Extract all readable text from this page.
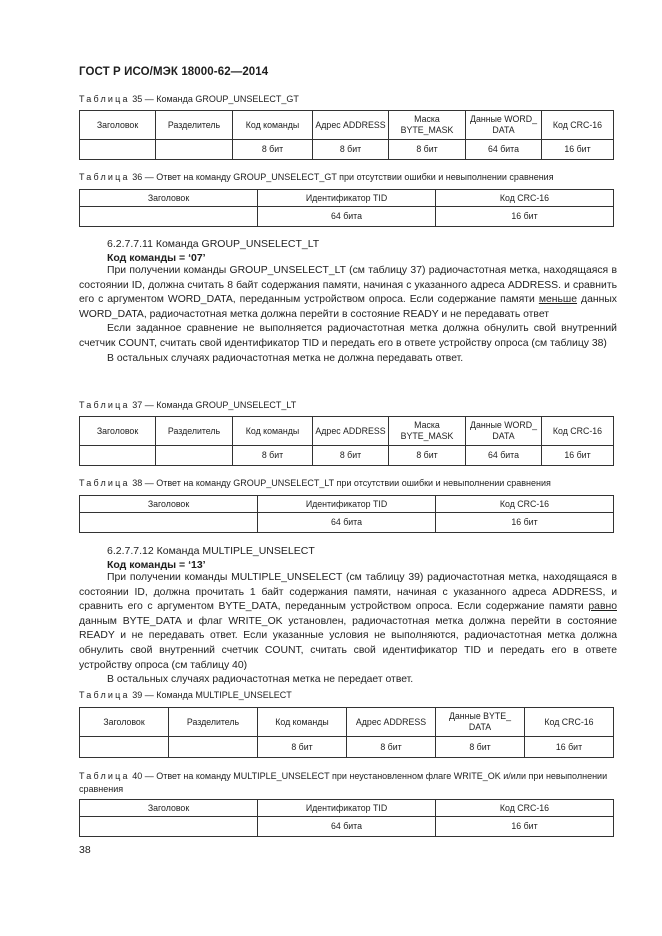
ГОСТ Р ИСО/МЭК 18000-62—2014
Таблица 35 — Команда GROUP_UNSELECT_GT
Заголовок	Разделитель	Код команды	Адрес ADDRESS	Маска BYTE_MASK	Данные WORD_ DATA	Код CRC-16
		8 бит	8 бит	8 бит	64 бита	16 бит
Таблица 36 — Ответ на команду GROUP_UNSELECT_GT при отсутствии ошибки и невыполнении сравнения
Заголовок	Идентификатор TID	Код CRC-16
	64 бита	16 бит
6.2.7.7.11 Команда GROUP_UNSELECT_LT
Код команды = ‘07’

При получении команды GROUP_UNSELECT_LT (см таблицу 37) радиочастотная метка, находящаяся в состоянии ID, должна считать 8 байт содержания памяти, начиная с указанного адреса ADDRESS. и сравнить его с аргументом WORD_DATA, переданным устройством опроса. Если содержание памяти меньше данных WORD_DATA, радиочастотная метка должна перейти в состояние READY и не передавать ответ

Если заданное сравнение не выполняется радиочастотная метка должна обнулить свой внутренний счетчик COUNT, считать свой идентификатор TID и передать его в ответе устройству опроса (см таблицу 38)

В остальных случаях радиочастотная метка не должна передавать ответ.

Таблица 37 — Команда GROUP_UNSELECT_LT
Заголовок	Разделитель	Код команды	Адрес ADDRESS	Маска BYTE_MASK	Данные WORD_ DATA	Код CRC-16
		8 бит	8 бит	8 бит	64 бита	16 бит
Таблица 38 — Ответ на команду GROUP_UNSELECT_LT при отсутствии ошибки и невыполнении сравнения
Заголовок	Идентификатор TID	Код CRC-16
	64 бита	16 бит
6.2.7.7.12 Команда MULTIPLE_UNSELECT
Код команды = ‘13’

При получении команды MULTIPLE_UNSELECT (см таблицу 39) радиочастотная метка, находящаяся в состоянии ID, должна прочитать 1 байт содержания памяти, начиная с указанного адреса ADDRESS, и сравнить его с аргументом BYTE_DATA, переданным устройством опроса. Если содержание памяти равно данным BYTE_DATA и флаг WRITE_OK установлен, радиочастотная метка должна перейти в состояние READY и не передавать ответ. Если указанные условия не выполняются, радиочастотная метка должна обнулить свой внутренний счетчик COUNT, считать свой идентификатор TID и передать его в ответе устройству опроса (см таблицу 40)

В остальных случаях радиочастотная метка не передает ответ.

Таблица 39 — Команда MULTIPLE_UNSELECT
Заголовок	Разделитель	Код команды	Адрес ADDRESS	Данные BYTE_ DATA	Код CRC-16
		8 бит	8 бит	8 бит	16 бит
Таблица 40 — Ответ на команду MULTIPLE_UNSELECT при неустановленном флаге WRITE_OK и/или при невыполнении сравнения
Заголовок	Идентификатор TID	Код CRC-16
	64 бита	16 бит
38
